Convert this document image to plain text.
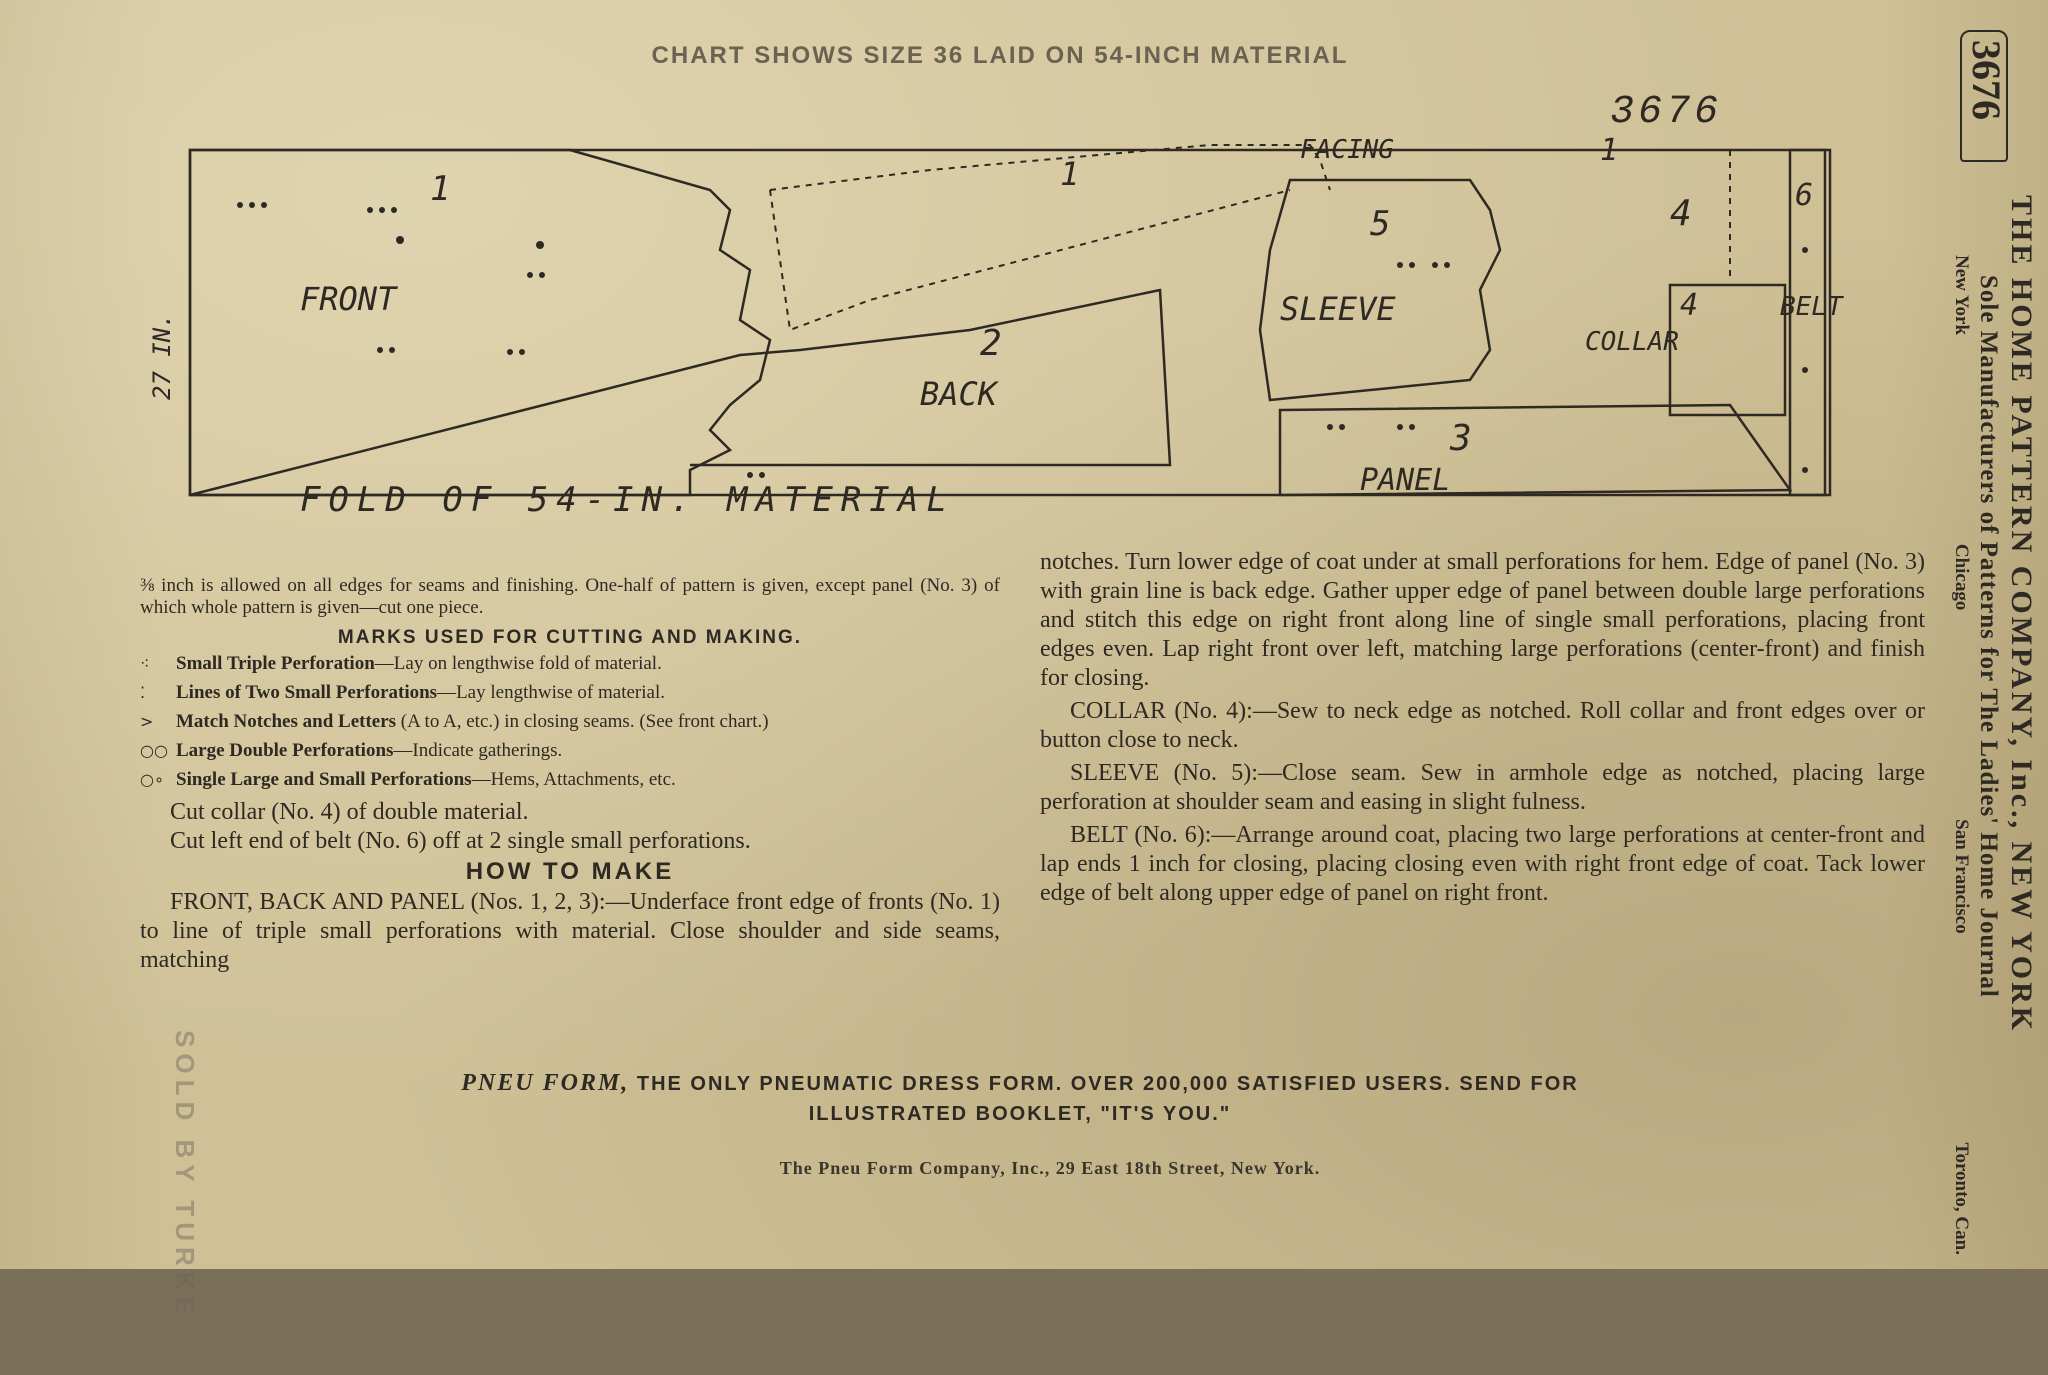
CHART SHOWS SIZE 36 LAID ON 54-INCH MATERIAL
3676
1
FRONT
1
FACING	1
2
BACK
5
SLEEVE
4
4
COLLAR
6
BELT
3
PANEL
27 IN.
FOLD OF 54-IN. MATERIAL

⅜ inch is allowed on all edges for seams and finishing. One-half of pattern is given, except panel (No. 3) of which whole pattern is given—cut one piece.

MARKS USED FOR CUTTING AND MAKING.
⁖	Small Triple Perforation—Lay on lengthwise fold of material.
⁚	Lines of Two Small Perforations—Lay lengthwise of material.
>	Match Notches and Letters (A to A, etc.) in closing seams. (See front chart.)
○○ Large Double Perforations—Indicate gatherings.
○∘ Single Large and Small Perforations—Hems, Attachments, etc.

Cut collar (No. 4) of double material.

Cut left end of belt (No. 6) off at 2 single small perforations.

HOW TO MAKE

FRONT, BACK AND PANEL (Nos. 1, 2, 3):—Underface front edge of fronts (No. 1) to line of triple small perforations with material. Close shoulder and side seams, matching

notches. Turn lower edge of coat under at small perforations for hem. Edge of panel (No. 3) with grain line is back edge. Gather upper edge of panel between double large perforations and stitch this edge on right front along line of single small perforations, placing front edges even. Lap right front over left, matching large perforations (center-front) and finish for closing.

COLLAR (No. 4):—Sew to neck edge as notched. Roll collar and front edges over or button close to neck.

SLEEVE (No. 5):—Close seam. Sew in armhole edge as notched, placing large perforation at shoulder seam and easing in slight fulness.

BELT (No. 6):—Arrange around coat, placing two large perforations at center-front and lap ends 1 inch for closing, placing closing even with right front edge of coat. Tack lower edge of belt along upper edge of panel on right front.

PNEU FORM, THE ONLY PNEUMATIC DRESS FORM. OVER 200,000 SATISFIED USERS. SEND FOR
ILLUSTRATED BOOKLET, "IT'S YOU."
The Pneu Form Company, Inc., 29 East 18th Street, New York.
3676
THE HOME PATTERN COMPANY, Inc., NEW YORK
Sole Manufacturers of Patterns for The Ladies' Home Journal
New York
Chicago
San Francisco
Toronto, Can.
SOLD BY TURKE
